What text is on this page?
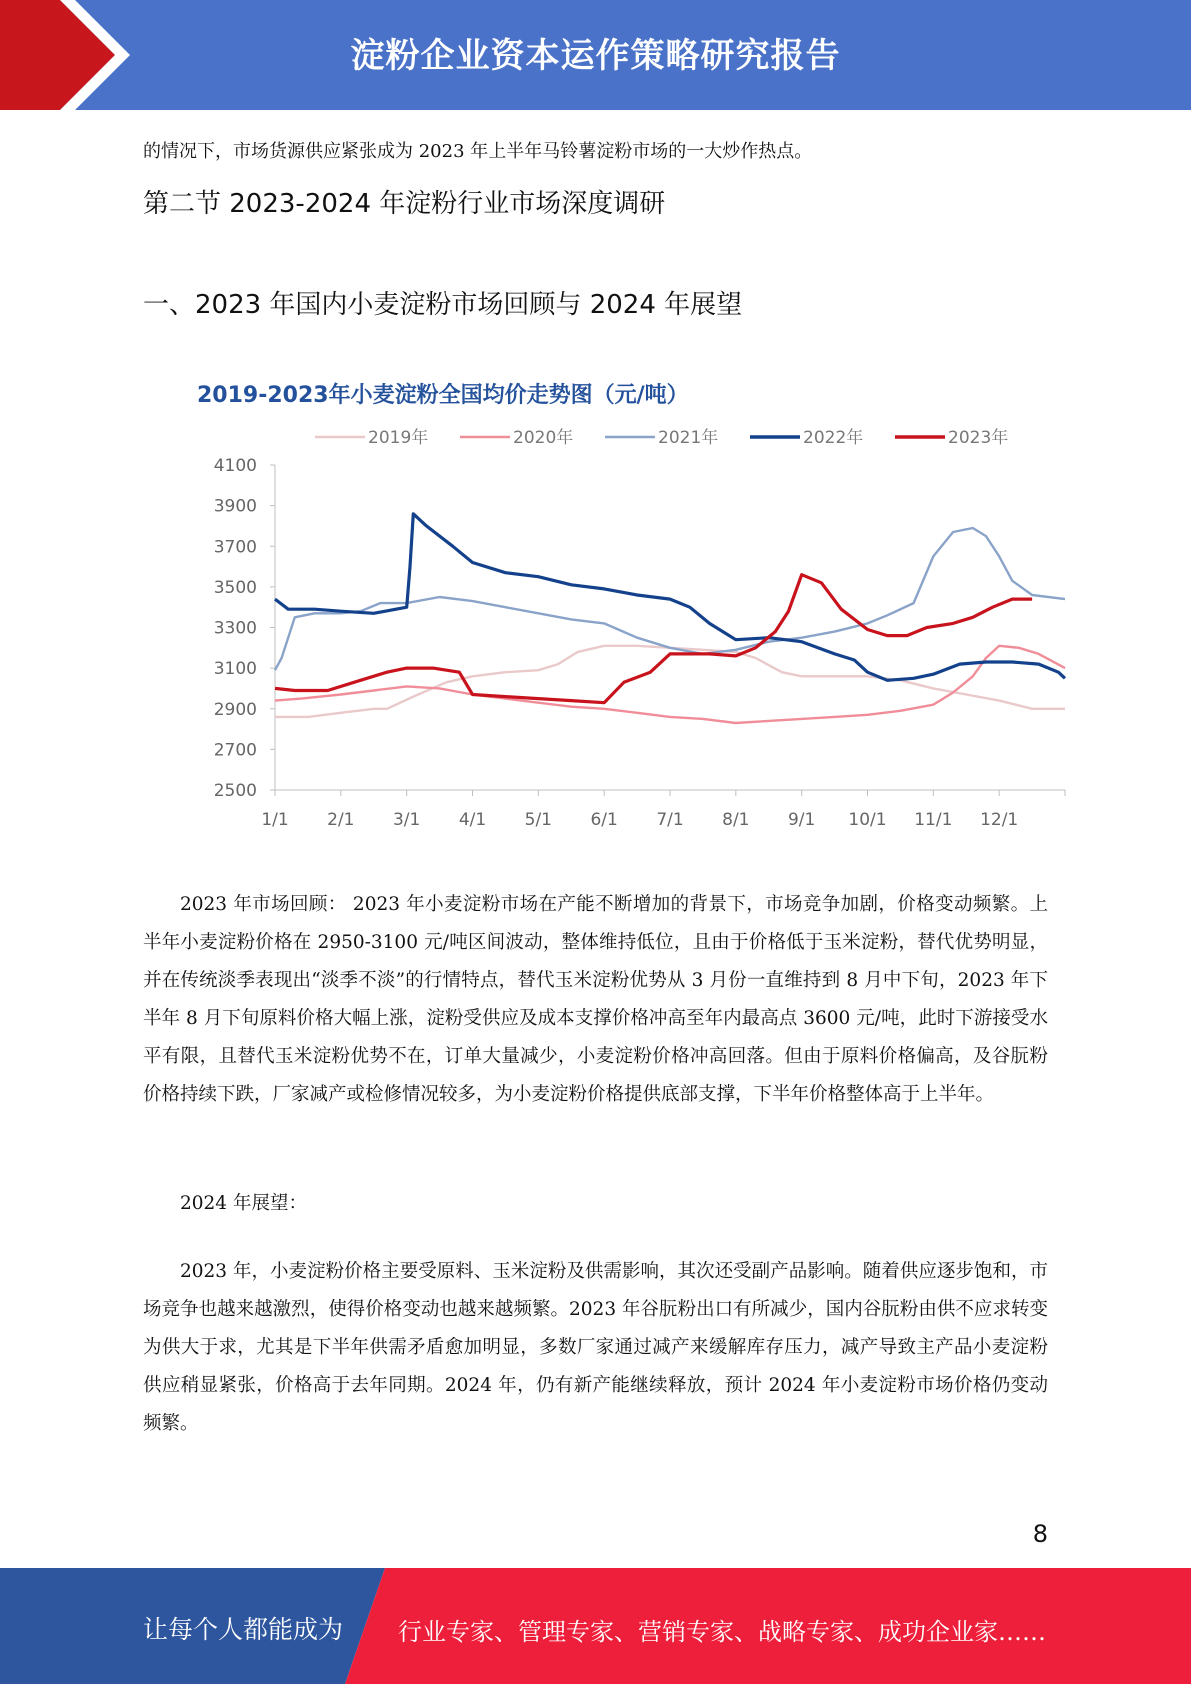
淀粉企业资本运作策略研究报告
的情况下，市场货源供应紧张成为 2023 年上半年马铃薯淀粉市场的一大炒作热点。
第二节 2023-2024 年淀粉行业市场深度调研
一、2023 年国内小麦淀粉市场回顾与 2024 年展望
2019-2023年小麦淀粉全国均价走势图（元/吨）
4100
3900
3700
3500
3300
3100
2900
2700
2500
1/1 2/1 3/1 4/1 5/1 6/1 7/1 8/1 9/1 10/1 11/1 12/1
2019年	2020年	2021年	2022年	2023年
2023 年市场回顾： 2023 年小麦淀粉市场在产能不断增加的背景下，市场竞争加剧，价格变动频繁。上半年小麦淀粉价格在 2950-3100 元/吨区间波动，整体维持低位，且由于价格低于玉米淀粉，替代优势明显，并在传统淡季表现出“淡季不淡”的行情特点，替代玉米淀粉优势从 3 月份一直维持到 8 月中下旬，2023 年下半年 8 月下旬原料价格大幅上涨，淀粉受供应及成本支撑价格冲高至年内最高点 3600 元/吨，此时下游接受水平有限，且替代玉米淀粉优势不在，订单大量减少，小麦淀粉价格冲高回落。但由于原料价格偏高，及谷朊粉价格持续下跌，厂家减产或检修情况较多，为小麦淀粉价格提供底部支撑，下半年价格整体高于上半年。
2024 年展望：
2023 年，小麦淀粉价格主要受原料、玉米淀粉及供需影响，其次还受副产品影响。随着供应逐步饱和，市场竞争也越来越激烈，使得价格变动也越来越频繁。2023 年谷朊粉出口有所减少，国内谷朊粉由供不应求转变为供大于求，尤其是下半年供需矛盾愈加明显，多数厂家通过减产来缓解库存压力，减产导致主产品小麦淀粉供应稍显紧张，价格高于去年同期。2024 年，仍有新产能继续释放，预计 2024 年小麦淀粉市场价格仍变动频繁。
8
让每个人都能成为 行业专家、管理专家、营销专家、战略专家、成功企业家……
